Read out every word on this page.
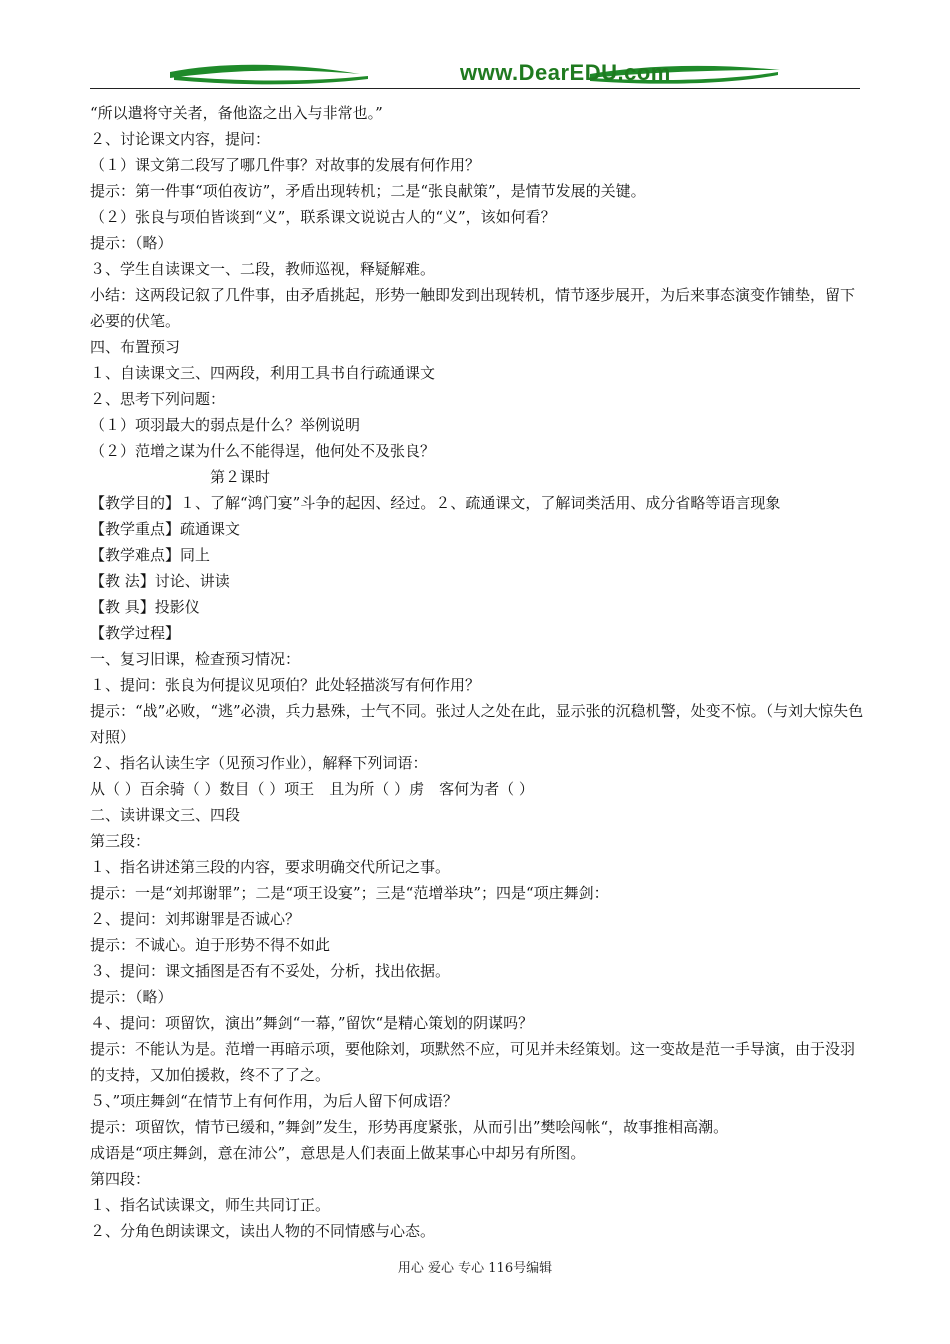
www.DearEDU.com
“所以遣将守关者，备他盗之出入与非常也。”
２、讨论课文内容，提问：
（１）课文第二段写了哪几件事？对故事的发展有何作用？
提示：第一件事“项伯夜访”，矛盾出现转机；二是“张良献策”，是情节发展的关键。
（２）张良与项伯皆谈到“义”，联系课文说说古人的“义”，该如何看？
提示：（略）
３、学生自读课文一、二段，教师巡视，释疑解难。
小结：这两段记叙了几件事，由矛盾挑起，形势一触即发到出现转机，情节逐步展开，为后来事态演变作铺垫，留下必要的伏笔。
四、布置预习
１、自读课文三、四两段，利用工具书自行疏通课文
２、思考下列问题：
（１）项羽最大的弱点是什么？举例说明
（２）范增之谋为什么不能得逞，他何处不及张良？
第２课时
【教学目的】１、了解“鸿门宴”斗争的起因、经过。２、疏通课文，了解词类活用、成分省略等语言现象
【教学重点】疏通课文
【教学难点】同上
【教 法】讨论、讲读
【教 具】投影仪
【教学过程】
一、复习旧课，检查预习情况：
１、提问：张良为何提议见项伯？此处轻描淡写有何作用？
提示：“战”必败，“逃”必溃，兵力悬殊，士气不同。张过人之处在此，显示张的沉稳机警，处变不惊。（与刘大惊失色对照）
２、指名认读生字（见预习作业），解释下列词语：
从（ ）百余骑（ ）数目（ ）项王　且为所（ ）虏　客何为者（ ）
二、读讲课文三、四段
第三段：
１、指名讲述第三段的内容，要求明确交代所记之事。
提示：一是“刘邦谢罪”；二是“项王设宴”；三是“范增举玦”；四是“项庄舞剑：
２、提问：刘邦谢罪是否诚心？
提示：不诚心。迫于形势不得不如此
３、提问：课文插图是否有不妥处，分析，找出依据。
提示：（略）
４、提问：项留饮，演出”舞剑“一幕，”留饮“是精心策划的阴谋吗？
提示：不能认为是。范增一再暗示项，要他除刘，项默然不应，可见并未经策划。这一变故是范一手导演，由于没羽的支持，又加伯援救，终不了了之。
５、”项庄舞剑“在情节上有何作用，为后人留下何成语？
提示：项留饮，情节已缓和，”舞剑”发生，形势再度紧张，从而引出”樊哙闯帐“，故事推相高潮。
成语是“项庄舞剑，意在沛公”，意思是人们表面上做某事心中却另有所图。
第四段：
１、指名试读课文，师生共同订正。
２、分角色朗读课文，读出人物的不同情感与心态。
用心 爱心 专心 116号编辑
